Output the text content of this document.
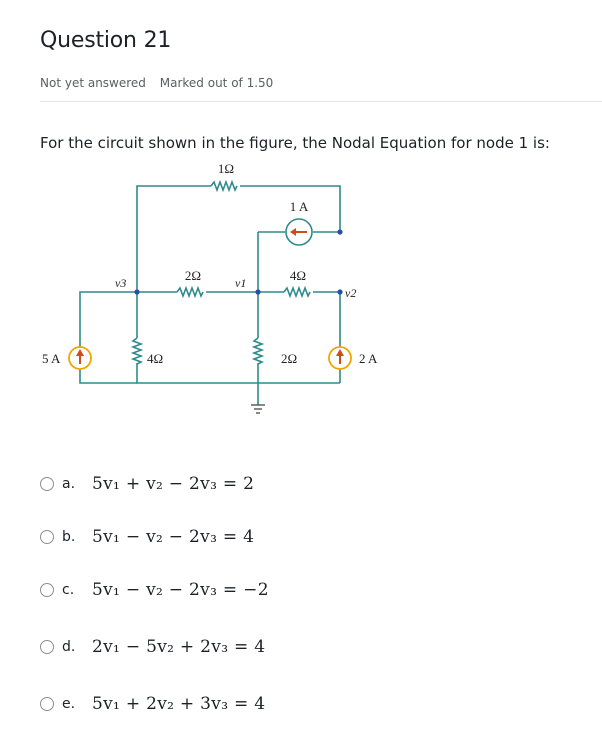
Question 21
Not yet answered Marked out of 1.50
For the circuit shown in the figure, the Nodal Equation for node 1 is:
1Ω
1 A
2Ω	4Ω
v3	v1
v2
5 A	4Ω	2Ω	2 A
a. 5v₁ + v₂ − 2v₃ = 2
b. 5v₁ − v₂ − 2v₃ = 4
c.	5v₁ − v₂ − 2v₃ = −2
d. 2v₁ − 5v₂ + 2v₃ = 4
e. 5v₁ + 2v₂ + 3v₃ = 4
